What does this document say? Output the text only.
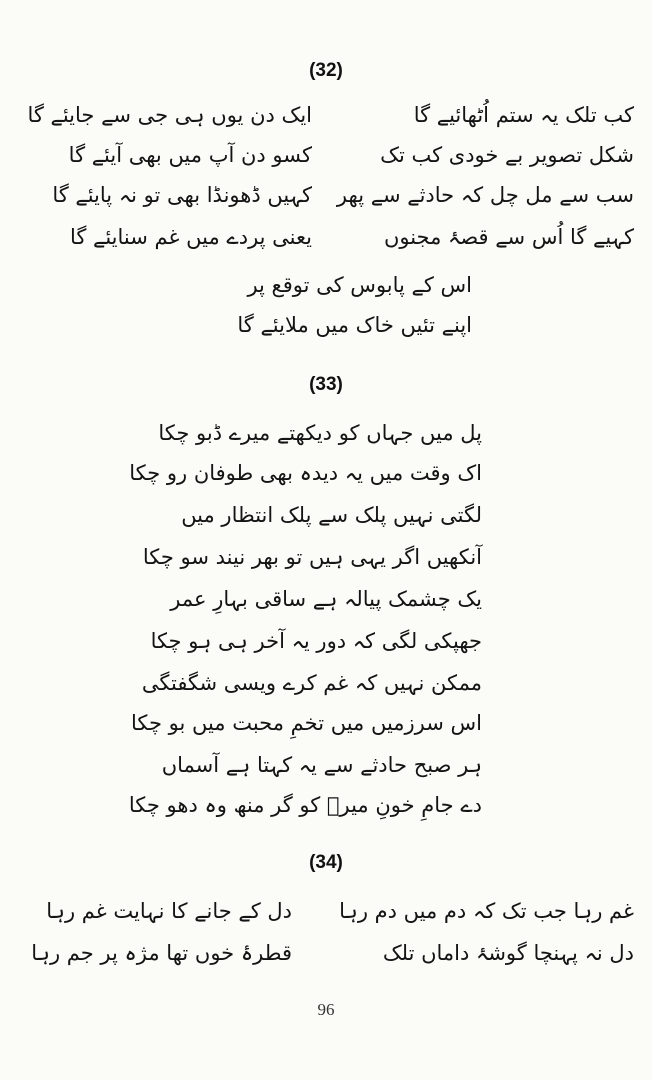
(32)
کب تلک یہ ستم اُٹھائیے گا
ایک دن یوں ہی جی سے جایئے گا
شکل تصویر بے خودی کب تک
کسو دن آپ میں بھی آیئے گا
سب سے مل چل کہ حادثے سے پھر
کہیں ڈھونڈا بھی تو نہ پایئے گا
کہیے گا اُس سے قصۂ مجنوں
یعنی پردے میں غم سنایئے گا
اس کے پابوس کی توقع پر
اپنے تئیں خاک میں ملایئے گا
(33)
پل میں جہاں کو دیکھتے میرے ڈبو چکا
اک وقت میں یہ دیدہ بھی طوفان رو چکا
لگتی نہیں پلک سے پلک انتظار میں
آنکھیں اگر یہی ہیں تو بھر نیند سو چکا
یک چشمک پیالہ ہے ساقی بہارِ عمر
جھپکی لگی کہ دور یہ آخر ہی ہو چکا
ممکن نہیں کہ غم کرے ویسی شگفتگی
اس سرزمیں میں تخمِ محبت میں بو چکا
ہر صبح حادثے سے یہ کہتا ہے آسماں
دے جامِ خونِ میرؔ کو گر منھ وہ دھو چکا
(34)
غم رہا جب تک کہ دم میں دم رہا
دل کے جانے کا نہایت غم رہا
دل نہ پہنچا گوشۂ داماں تلک
قطرۂ خوں تھا مژہ پر جم رہا
96
